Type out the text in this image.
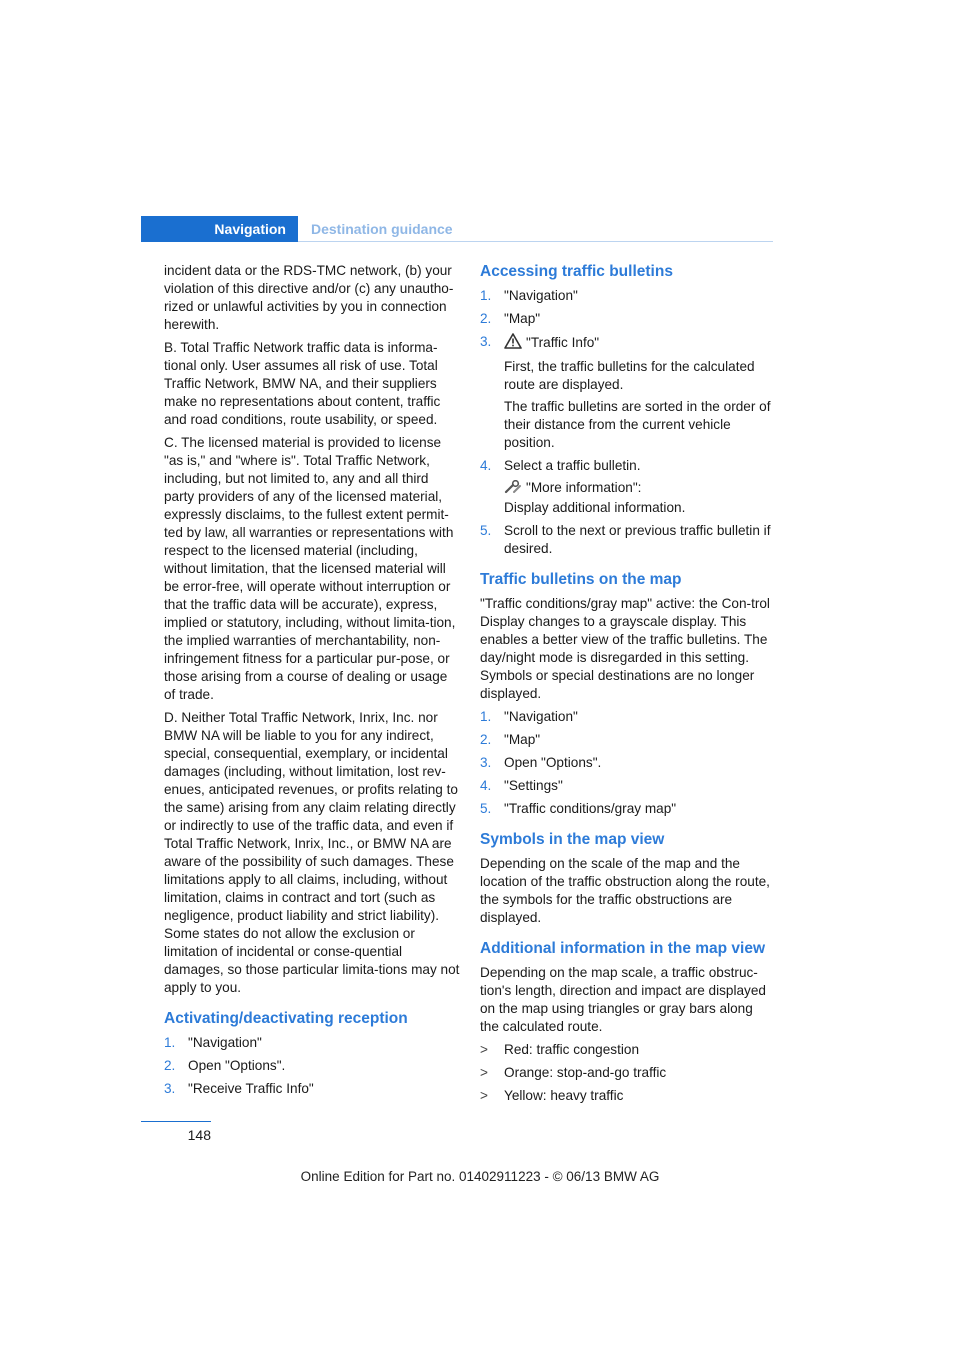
Navigation	Destination guidance

incident data or the RDS-TMC network, (b) your violation of this directive and/or (c) any unautho-rized or unlawful activities by you in connection herewith.

B. Total Traffic Network traffic data is informa-tional only. User assumes all risk of use. Total Traffic Network, BMW NA, and their suppliers make no representations about content, traffic and road conditions, route usability, or speed.

C. The licensed material is provided to license "as is," and "where is". Total Traffic Network, including, but not limited to, any and all third party providers of any of the licensed material, expressly disclaims, to the fullest extent permit-ted by law, all warranties or representations with respect to the licensed material (including, without limitation, that the licensed material will be error-free, will operate without interruption or that the traffic data will be accurate), express, implied or statutory, including, without limita-tion, the implied warranties of merchantability, non-infringement fitness for a particular pur-pose, or those arising from a course of dealing or usage of trade.

D. Neither Total Traffic Network, Inrix, Inc. nor BMW NA will be liable to you for any indirect, special, consequential, exemplary, or incidental damages (including, without limitation, lost rev-enues, anticipated revenues, or profits relating to the same) arising from any claim relating directly or indirectly to use of the traffic data, and even if Total Traffic Network, Inrix, Inc., or BMW NA are aware of the possibility of such damages. These limitations apply to all claims, including, without limitation, claims in contract and tort (such as negligence, product liability and strict liability). Some states do not allow the exclusion or limitation of incidental or conse-quential damages, so those particular limita-tions may not apply to you.

Activating/deactivating reception
1. "Navigation"
2. Open "Options".
3. "Receive Traffic Info"
Accessing traffic bulletins
1. "Navigation"
2. "Map"
3.	"Traffic Info"

First, the traffic bulletins for the calculated route are displayed.

The traffic bulletins are sorted in the order of their distance from the current vehicle position.

4. Select a traffic bulletin.

"More information":
Display additional information.

5. Scroll to the next or previous traffic bulletin if desired.
Traffic bulletins on the map

"Traffic conditions/gray map" active: the Con-trol Display changes to a grayscale display. This enables a better view of the traffic bulletins. The day/night mode is disregarded in this setting. Symbols or special destinations are no longer displayed.

1. "Navigation"
2. "Map"
3. Open "Options".
4. "Settings"
5. "Traffic conditions/gray map"
Symbols in the map view

Depending on the scale of the map and the location of the traffic obstruction along the route, the symbols for the traffic obstructions are displayed.

Additional information in the map view

Depending on the map scale, a traffic obstruc-tion's length, direction and impact are displayed on the map using triangles or gray bars along the calculated route.

> Red: traffic congestion
> Orange: stop-and-go traffic
> Yellow: heavy traffic
148
Online Edition for Part no. 01402911223 - © 06/13 BMW AG
